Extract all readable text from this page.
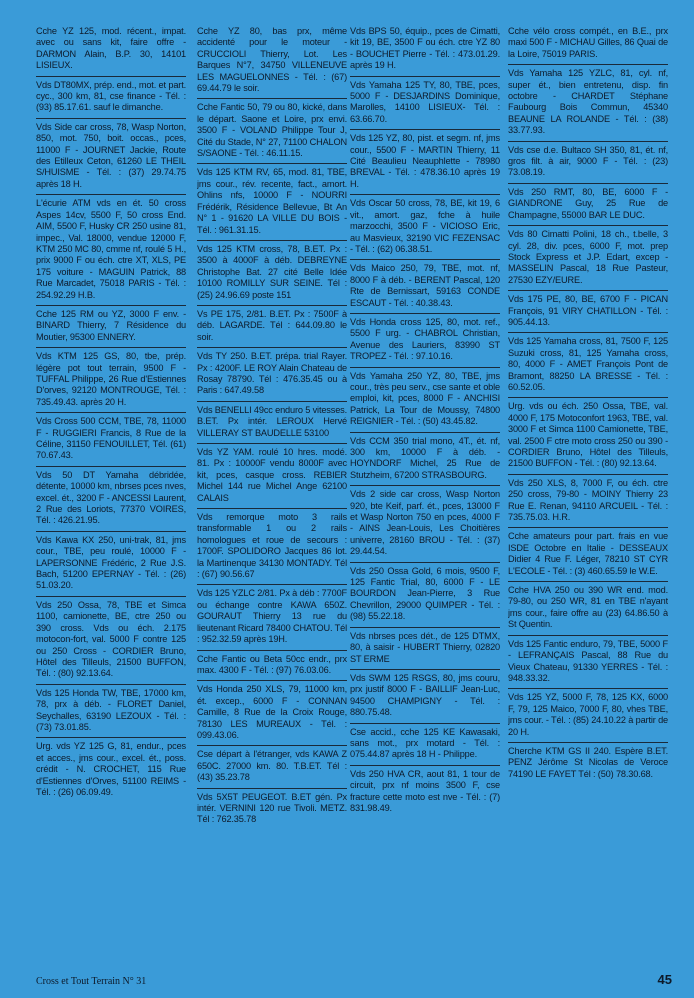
Cche YZ 125, mod. récent., impat. avec ou sans kit, faire offre - DARMON Alain, B.P. 30, 14101 LISIEUX.
Vds DT80MX, prép. end., mot. et part. cyc., 300 km, 81, cse finance - Tél. : (93) 85.17.61. sauf le dimanche.
Vds Side car cross, 78, Wasp Norton, 850, mot. 750, boit. occas., pces, 11000 F - JOURNET Jackie, Route des Etilleux Ceton, 61260 LE THEIL S/HUISME - Tél. : (37) 29.74.75 après 18 H.
L'écurie ATM vds en ét. 50 cross Aspes 14cv, 5500 F, 50 cross End. AIM, 5500 F, Husky CR 250 usine 81, impec., Val. 18000, vendue 12000 F, KTM 250 MC 80, cmme nf, roulé 5 H., prix 9000 F ou éch. ctre XT, XLS, PE 175 voiture - MAGUIN Patrick, 88 Rue Marcadet, 75018 PARIS - Tél. : 254.92.29 H.B.
Cche 125 RM ou YZ, 3000 F env. - BINARD Thierry, 7 Résidence du Moutier, 95300 ENNERY.
Vds KTM 125 GS, 80, tbe, prép. légère pot tout terrain, 9500 F - TUFFAL Philippe, 26 Rue d'Estiennes D'orves, 92120 MONTROUGE, Tél. : 735.49.43. après 20 H.
Vds Cross 500 CCM, TBE, 78, 11000 F - RUGGIERI Francis, 8 Rue de la Céline, 31150 FENOUILLET, Tél. (61) 70.67.43.
Vds 50 DT Yamaha débridée, détente, 10000 km, nbrses pces nves, excel. ét., 3200 F - ANCESSI Laurent, 2 Rue des Loriots, 77370 VOIRES, Tél. : 426.21.95.
Vds Kawa KX 250, uni-trak, 81, jms cour., TBE, peu roulé, 10000 F - LAPERSONNE Frédéric, 2 Rue J.S. Bach, 51200 EPERNAY - Tél. : (26) 51.03.20.
Vds 250 Ossa, 78, TBE et Simca 1100, camionette, BE, ctre 250 ou 390 cross. Vds ou éch. 2.175 motocon-fort, val. 5000 F contre 125 ou 250 Cross - CORDIER Bruno, Hôtel des Tilleuls, 21500 BUFFON, Tél. : (80) 92.13.64.
Vds 125 Honda TW, TBE, 17000 km, 78, prx à déb. - FLORET Daniel, Seychalles, 63190 LEZOUX - Tél. : (73) 73.01.85.
Urg. vds YZ 125 G, 81, endur., pces et acces., jms cour., excel. ét., poss. crédit - N. CROCHET, 115 Rue d'Estiennes d'Orves, 51100 REIMS - Tél. : (26) 06.09.49.
Cche YZ 80, bas prx, même accidenté pour le moteur - CRUCCIOLI Thierry, Lot. Les Barques N°7, 34750 VILLENEUVE LES MAGUELONNES - Tél. : (67) 69.44.79 le soir.
Cche Fantic 50, 79 ou 80, kické, dans le départ. Saone et Loire, prx envi. 3500 F - VOLAND Philippe Tour J, Cité du Stade, N° 27, 71100 CHALON S/SAONE - Tél. : 46.11.15.
Vds 125 KTM RV, 65, mod. 81, TBE, jms cour., rév. recente, fact., amort. Ohlins nfs, 10000 F - NOURRI Frédérik, Résidence Bellevue, Bt An N° 1 - 91620 LA VILLE DU BOIS - Tél. : 961.31.15.
Vds 125 KTM cross, 78, B.ET. Px : 3500 à 4000F à déb. DEBREYNE Christophe Bat. 27 cité Belle Idée 10100 ROMILLY SUR SEINE. Tél : (25) 24.96.69 poste 151
Vs PE 175, 2/81. B.ET. Px : 7500F à déb. LAGARDE. Tél : 644.09.80 le soir.
Vds TY 250. B.ET. prépa. trial Rayer. Px : 4200F. LE ROY Alain Chateau de Rosay 78790. Tél : 476.35.45 ou à Paris : 647.49.58
Vds BENELLI 49cc enduro 5 vitesses. B.ET. Px intér. LEROUX Hervé VILLERAY ST BAUDELLE 53100
Vds YZ YAM. roulé 10 hres. modé. 81. Px : 10000F vendu 8000F avec kit, pces, casque cross. REBIER Michel 144 rue Michel Ange 62100 CALAIS
Vds remorque moto 3 rails transformable 1 ou 2 rails homologues et roue de secours : 1700F. SPOLIDORO Jacques 86 lot. la Martinenque 34130 MONTADY. Tél : (67) 90.56.67
Vds 125 YZLC 2/81. Px à déb : 7700F ou échange contre KAWA 650Z. GOURAUT Thierry 13 rue du lieutenant Ricard 78400 CHATOU. Tél : 952.32.59 après 19H.
Cche Fantic ou Beta 50cc endr., prx max. 4300 F - Tél. : (97) 76.03.06.
Vds Honda 250 XLS, 79, 11000 km, ét. excep., 6000 F - CONNAN Camille, 8 Rue de la Croix Rouge, 78130 LES MUREAUX - Tél. : 099.43.06.
Cse départ à l'étranger, vds KAWA Z 650C. 27000 km. 80. T.B.ET. Tél : (43) 35.23.78
Vds 5X5T PEUGEOT. B.ET gén. Px intér. VERNINI 120 rue Tivoli. METZ. Tél : 762.35.78
Vds BPS 50, équip., pces de Cimatti, kit 19, BE, 3500 F ou éch. ctre YZ 80 - BOUCHET Pierre - Tél. : 473.01.29. après 19 H.
Vds Yamaha 125 TY, 80, TBE, pces, 5000 F - DESJARDINS Dominique, Marolles, 14100 LISIEUX- Tél. : 63.66.70.
Vds 125 YZ, 80, pist. et segm. nf, jms cour., 5500 F - MARTIN Thierry, 11 Cité Beaulieu Neauphlette - 78980 BREVAL - Tél. : 478.36.10 après 19 H.
Vds Oscar 50 cross, 78, BE, kit 19, 6 vit., amort. gaz, fche à huile marzocchi, 3500 F - VICIOSO Eric, au Masvieux, 32190 VIC FEZENSAC - Tél. : (62) 06.38.51.
Vds Maico 250, 79, TBE, mot. nf, 8000 F à déb. - BERENT Pascal, 120 Rte de Bernissart, 59163 CONDE ESCAUT - Tél. : 40.38.43.
Vds Honda cross 125, 80, mot. ref., 5500 F urg. - CHABROL Christian, Avenue des Lauriers, 83990 ST TROPEZ - Tél. : 97.10.16.
Vds Yamaha 250 YZ, 80, TBE, jms cour., très peu serv., cse sante et oble emploi, kit, pces, 8000 F - ANCHISI Patrick, La Tour de Moussy, 74800 REIGNIER - Tél. : (50) 43.45.82.
Vds CCM 350 trial mono, 4T., ét. nf, 300 km, 10000 F à déb. - HOYNDORF Michel, 25 Rue de Stutzheim, 67200 STRASBOURG.
Vds 2 side car cross, Wasp Norton 920, bte Keif, parf. ét., pces, 13000 F et Wasp Norton 750 en pces, 4000 F - AINS Jean-Louis, Les Choitières univerre, 28160 BROU - Tél. : (37) 29.44.54.
Vds 250 Ossa Gold, 6 mois, 9500 F, 125 Fantic Trial, 80, 6000 F - LE BOURDON Jean-Pierre, 3 Rue Chevrillon, 29000 QUIMPER - Tél. : (98) 55.22.18.
Vds nbrses pces dét., de 125 DTMX, 80, à saisir - HUBERT Thierry, 02820 ST ERME
Vds SWM 125 RSGS, 80, jms couru, prx justif 8000 F - BAILLIF Jean-Luc, 94500 CHAMPIGNY - Tél. : 880.75.48.
Cse accid., cche 125 KE Kawasaki, sans mot., prx motard - Tél. : 075.44.87 après 18 H - Philippe.
Vds 250 HVA CR, aout 81, 1 tour de circuit, prx nf moins 3500 F, cse fracture cette moto est nve - Tél. : (7) 831.98.49.
Cche vélo cross compét., en B.E., prx maxi 500 F - MICHAU Gilles, 86 Quai de la Loire, 75019 PARIS.
Vds Yamaha 125 YZLC, 81, cyl. nf, super ét., bien entretenu, disp. fin octobre - CHARDET Stéphane Faubourg Bois Commun, 45340 BEAUNE LA ROLANDE - Tél. : (38) 33.77.93.
Vds cse d.e. Bultaco SH 350, 81, ét. nf, gros filt. à air, 9000 F - Tél. : (23) 73.08.19.
Vds 250 RMT, 80, BE, 6000 F - GIANDRONE Guy, 25 Rue de Champagne, 55000 BAR LE DUC.
Vds 80 Cimatti Polini, 18 ch., t.belle, 3 cyl. 28, div. pces, 6000 F, mot. prep Stock Express et J.P. Edart, excep - MASSELIN Pascal, 18 Rue Pasteur, 27530 EZY/EURE.
Vds 175 PE, 80, BE, 6700 F - PICAN François, 91 VIRY CHATILLON - Tél. : 905.44.13.
Vds 125 Yamaha cross, 81, 7500 F, 125 Suzuki cross, 81, 125 Yamaha cross, 80, 4000 F - AMET François Pont de Bramont, 88250 LA BRESSE - Tél. : 60.52.05.
Urg. vds ou éch. 250 Ossa, TBE, val. 4000 F, 175 Motoconfort 1963, TBE, val. 3000 F et Simca 1100 Camionette, TBE, val. 2500 F ctre moto cross 250 ou 390 - CORDIER Bruno, Hôtel des Tilleuls, 21500 BUFFON - Tél. : (80) 92.13.64.
Vds 250 XLS, 8, 7000 F, ou éch. ctre 250 cross, 79-80 - MOINY Thierry 23 Rue E. Renan, 94110 ARCUEIL - Tél. : 735.75.03. H.R.
Cche amateurs pour part. frais en vue ISDE Octobre en Italie - DESSEAUX Didier 4 Rue F. Léger, 78210 ST CYR L'ECOLE - Tél. : (3) 460.65.59 le W.E.
Cche HVA 250 ou 390 WR end. mod. 79-80, ou 250 WR, 81 en TBE n'ayant jms cour., faire offre au (23) 64.86.50 à St Quentin.
Vds 125 Fantic enduro, 79, TBE, 5000 F - LEFRANÇAIS Pascal, 88 Rue du Vieux Chateau, 91330 YERRES - Tél. : 948.33.32.
Vds 125 YZ, 5000 F, 78, 125 KX, 6000 F, 79, 125 Maico, 7000 F, 80, vhes TBE, jms cour. - Tél. : (85) 24.10.22 à partir de 20 H.
Cherche KTM GS II 240. Espère B.ET. PENZ Jérôme St Nicolas de Veroce 74190 LE FAYET Tél : (50) 78.30.68.
Cross et Tout Terrain N° 31	45
